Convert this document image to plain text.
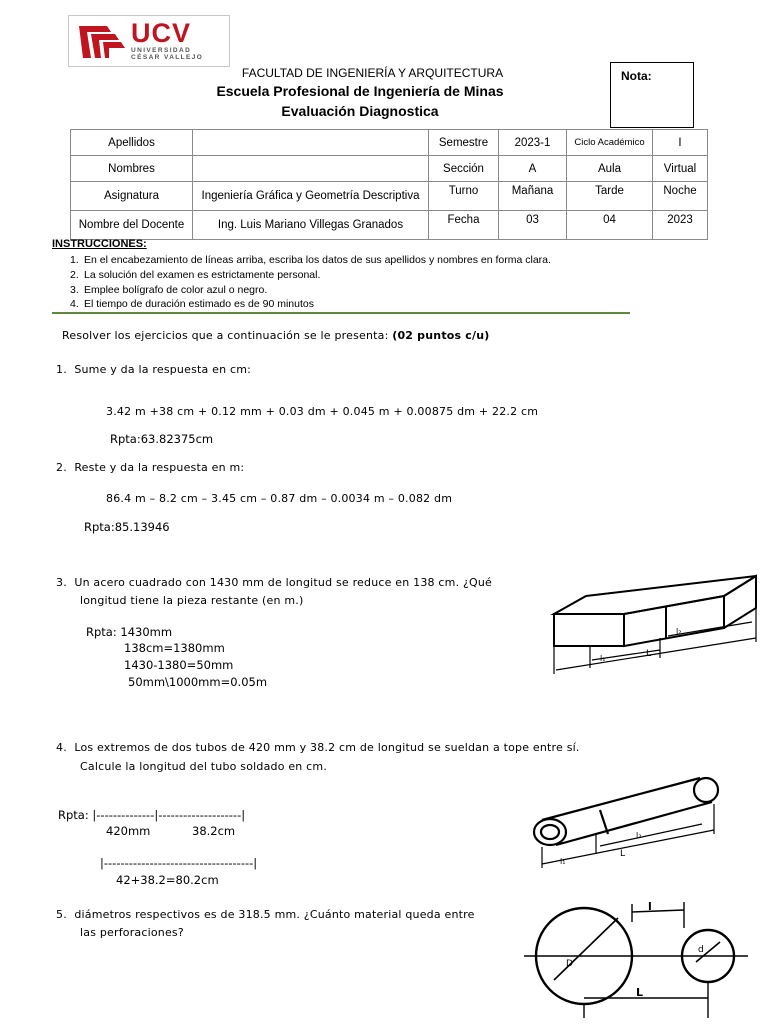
UCV
UNIVERSIDAD
CÉSAR VALLEJO
FACULTAD DE INGENIERÍA Y ARQUITECTURA
Escuela Profesional de Ingeniería de Minas
Evaluación Diagnostica
Nota:
Apellidos		Semestre	2023-1	Ciclo Académico	I
Nombres		Sección	A	Aula	Virtual
Asignatura	Ingeniería Gráfica y Geometría Descriptiva	Turno	Mañana	Tarde	Noche
Nombre del Docente	Ing. Luis Mariano Villegas Granados	Fecha	03	04	2023
INSTRUCCIONES:
1. En el encabezamiento de líneas arriba, escriba los datos de sus apellidos y nombres en forma clara.
2. La solución del examen es estrictamente personal.
3. Emplee bolígrafo de color azul o negro.
4. El tiempo de duración estimado es de 90 minutos
Resolver los ejercicios que a continuación se le presenta: (02 puntos c/u)
1. Sume y da la respuesta en cm:
3.42 m +38 cm + 0.12 mm + 0.03 dm + 0.045 m + 0.00875 dm + 22.2 cm
Rpta:63.82375cm
2. Reste y da la respuesta en m:
86.4 m – 8.2 cm – 3.45 cm – 0.87 dm – 0.0034 m – 0.082 dm
Rpta:85.13946
3. Un acero cuadrado con 1430 mm de longitud se reduce en 138 cm. ¿Qué
longitud tiene la pieza restante (en m.)
Rpta: 1430mm
138cm=1380mm
1430-1380=50mm
50mm\1000mm=0.05m
l₁	L
l₂
4. Los extremos de dos tubos de 420 mm y 38.2 cm de longitud se sueldan a tope entre sí.
Calcule la longitud del tubo soldado en cm.
Rpta: |--------------|--------------------|
420mm	38.2cm
|------------------------------------|
42+38.2=80.2cm
l₁
l₂
L
5. diámetros respectivos es de 318.5 mm. ¿Cuánto material queda entre
las perforaciones?
l
L
D
d
